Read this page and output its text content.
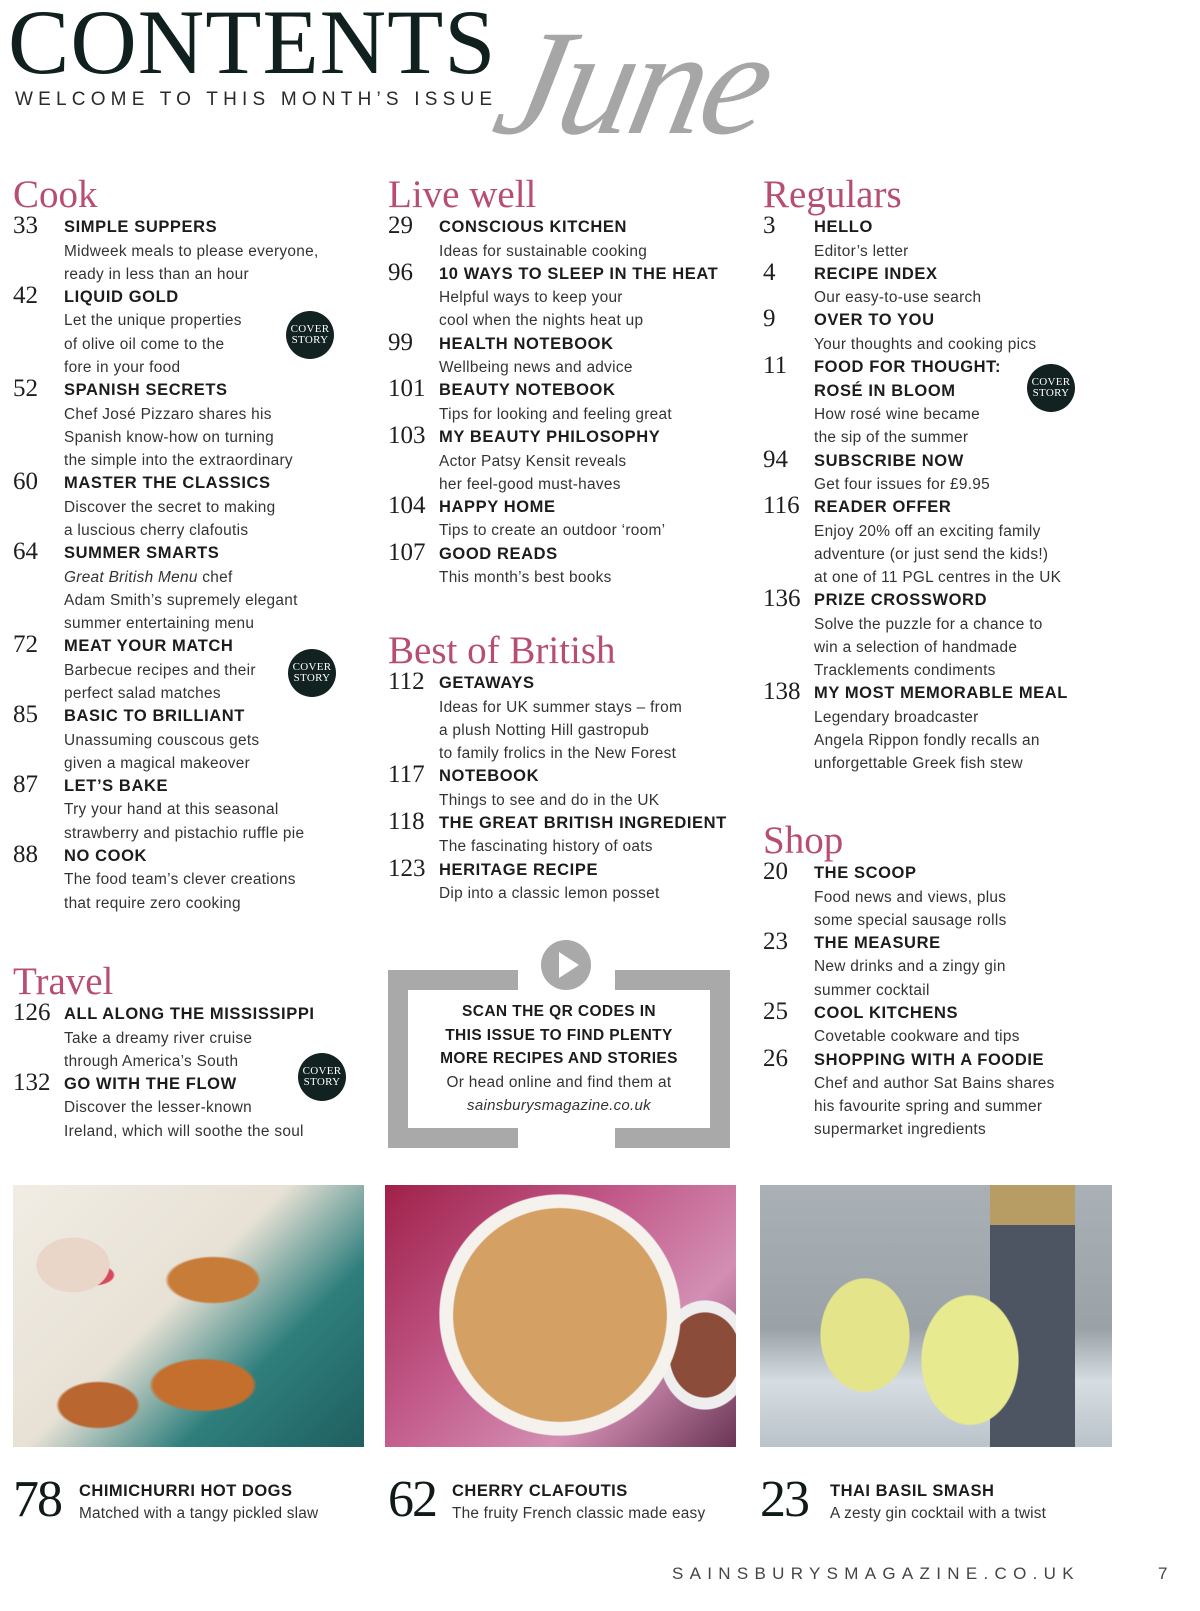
CONTENTS
WELCOME TO THIS MONTH’S ISSUE
June
Cook
33 SIMPLE SUPPERS
Midweek meals to please everyone,
ready in less than an hour
42 LIQUID GOLD
Let the unique properties
of olive oil come to the
fore in your food
COVER
STORY
52 SPANISH SECRETS
Chef José Pizzaro shares his
Spanish know-how on turning
the simple into the extraordinary
60 MASTER THE CLASSICS
Discover the secret to making
a luscious cherry clafoutis
64 SUMMER SMARTS
Great British Menu chef
Adam Smith’s supremely elegant
summer entertaining menu
72 MEAT YOUR MATCH
Barbecue recipes and their
perfect salad matches
COVER
STORY
85 BASIC TO BRILLIANT
Unassuming couscous gets
given a magical makeover
87 LET’S BAKE
Try your hand at this seasonal
strawberry and pistachio ruffle pie
88 NO COOK
The food team’s clever creations
that require zero cooking
Travel
126 ALL ALONG THE MISSISSIPPI
Take a dreamy river cruise
through America’s South
132 GO WITH THE FLOW
Discover the lesser-known
Ireland, which will soothe the soul
COVER
STORY
Live well
29 CONSCIOUS KITCHEN
Ideas for sustainable cooking
96 10 WAYS TO SLEEP IN THE HEAT
Helpful ways to keep your
cool when the nights heat up
99 HEALTH NOTEBOOK
Wellbeing news and advice
101 BEAUTY NOTEBOOK
Tips for looking and feeling great
103 MY BEAUTY PHILOSOPHY
Actor Patsy Kensit reveals
her feel-good must-haves
104 HAPPY HOME
Tips to create an outdoor ‘room’
107 GOOD READS
This month’s best books
Best of British
112 GETAWAYS
Ideas for UK summer stays – from
a plush Notting Hill gastropub
to family frolics in the New Forest
117 NOTEBOOK
Things to see and do in the UK
118 THE GREAT BRITISH INGREDIENT
The fascinating history of oats
123 HERITAGE RECIPE
Dip into a classic lemon posset
SCAN THE QR CODES IN
THIS ISSUE TO FIND PLENTY
MORE RECIPES AND STORIES
Or head online and find them at
sainsburysmagazine.co.uk
Regulars
3 HELLO
Editor’s letter
4 RECIPE INDEX
Our easy-to-use search
9 OVER TO YOU
Your thoughts and cooking pics
11 FOOD FOR THOUGHT:
ROSÉ IN BLOOM
How rosé wine became
the sip of the summer
COVER
STORY
94 SUBSCRIBE NOW
Get four issues for £9.95
116 READER OFFER
Enjoy 20% off an exciting family
adventure (or just send the kids!)
at one of 11 PGL centres in the UK
136 PRIZE CROSSWORD
Solve the puzzle for a chance to
win a selection of handmade
Tracklements condiments
138 MY MOST MEMORABLE MEAL
Legendary broadcaster
Angela Rippon fondly recalls an
unforgettable Greek fish stew
Shop
20 THE SCOOP
Food news and views, plus
some special sausage rolls
23 THE MEASURE
New drinks and a zingy gin
summer cocktail
25 COOL KITCHENS
Covetable cookware and tips
26 SHOPPING WITH A FOODIE
Chef and author Sat Bains shares
his favourite spring and summer
supermarket ingredients
78 CHIMICHURRI HOT DOGS
Matched with a tangy pickled slaw 62 CHERRY CLAFOUTIS
The fruity French classic made easy 23 THAI BASIL SMASH
A zesty gin cocktail with a twist
SAINSBURYSMAGAZINE.CO.UK	7
